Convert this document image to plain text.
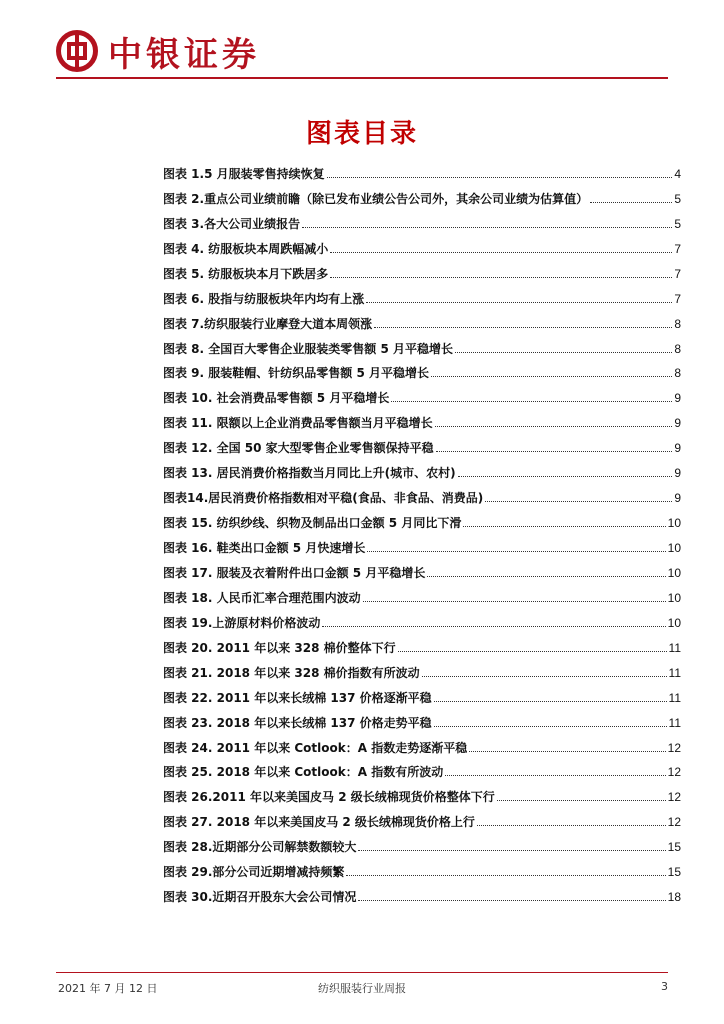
中银证券
图表目录
图表 1.5 月服装零售持续恢复	4
图表 2.重点公司业绩前瞻（除已发布业绩公告公司外，其余公司业绩为估算值）	5
图表 3.各大公司业绩报告	5
图表 4. 纺服板块本周跌幅减小	7
图表 5. 纺服板块本月下跌居多	7
图表 6. 股指与纺服板块年内均有上涨	7
图表 7.纺织服装行业摩登大道本周领涨	8
图表 8. 全国百大零售企业服装类零售额 5 月平稳增长	8
图表 9. 服装鞋帽、针纺织品零售额 5 月平稳增长	8
图表 10. 社会消费品零售额 5 月平稳增长	9
图表 11. 限额以上企业消费品零售额当月平稳增长	9
图表 12. 全国 50 家大型零售企业零售额保持平稳	9
图表 13. 居民消费价格指数当月同比上升(城市、农村)	9
图表14.居民消费价格指数相对平稳(食品、非食品、消费品)	9
图表 15. 纺织纱线、织物及制品出口金额 5 月同比下滑	10
图表 16. 鞋类出口金额 5 月快速增长	10
图表 17. 服装及衣着附件出口金额 5 月平稳增长	10
图表 18. 人民币汇率合理范围内波动	10
图表 19.上游原材料价格波动	10
图表 20. 2011 年以来 328 棉价整体下行	11
图表 21. 2018 年以来 328 棉价指数有所波动	11
图表 22. 2011 年以来长绒棉 137 价格逐渐平稳	11
图表 23. 2018 年以来长绒棉 137 价格走势平稳	11
图表 24. 2011 年以来 Cotlook：A 指数走势逐渐平稳	12
图表 25. 2018 年以来 Cotlook：A 指数有所波动	12
图表 26.2011 年以来美国皮马 2 级长绒棉现货价格整体下行	12
图表 27. 2018 年以来美国皮马 2 级长绒棉现货价格上行	12
图表 28.近期部分公司解禁数额较大	15
图表 29.部分公司近期增减持频繁	15
图表 30.近期召开股东大会公司情况	18
2021 年 7 月 12 日	纺织服装行业周报	3
